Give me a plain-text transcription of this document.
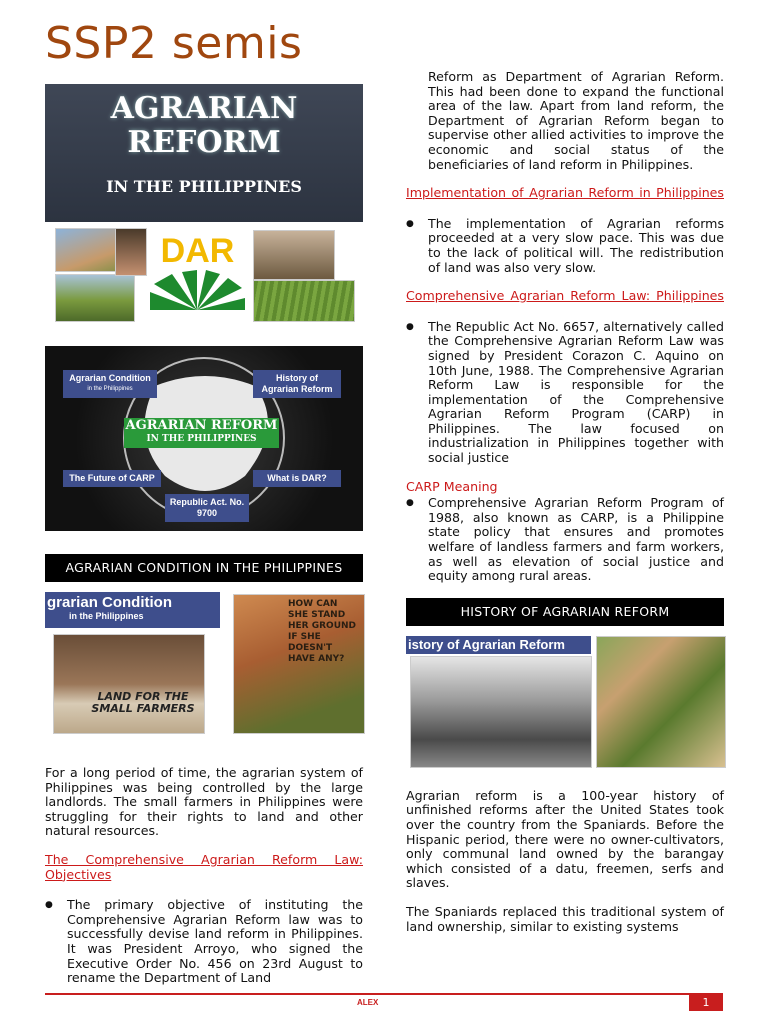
SSP2 semis
AGRARIAN
REFORM
IN THE PHILIPPINES
DAR
Agrarian Condition
in the Philippines
History of Agrarian Reform
AGRARIAN REFORM
IN THE PHILIPPINES
The Future of CARP	What is DAR?
Republic Act. No. 9700
AGRARIAN CONDITION IN THE PHILIPPINES
grarian Condition
in the Philippines
LAND FOR THE SMALL FARMERS
HOW CAN SHE STAND HER GROUND IF SHE DOESN'T HAVE ANY?

For a long period of time, the agrarian system of Philippines was being controlled by the large landlords. The small farmers in Philippines were struggling for their rights to land and other natural resources.

The Comprehensive Agrarian Reform Law: Objectives

● The primary objective of instituting the Comprehensive Agrarian Reform law was to successfully devise land reform in Philippines. It was President Arroyo, who signed the Executive Order No. 456 on 23rd August to rename the Department of Land

Reform as Department of Agrarian Reform. This had been done to expand the functional area of the law. Apart from land reform, the Department of Agrarian Reform began to supervise other allied activities to improve the economic and social status of the beneficiaries of land reform in Philippines.

Implementation of Agrarian Reform in Philippines

● The implementation of Agrarian reforms proceeded at a very slow pace. This was due to the lack of political will. The redistribution of land was also very slow.

Comprehensive Agrarian Reform Law: Philippines

● The Republic Act No. 6657, alternatively called the Comprehensive Agrarian Reform Law was signed by President Corazon C. Aquino on 10th June, 1988. The Comprehensive Agrarian Reform Law is responsible for the implementation of the Comprehensive Agrarian Reform Program (CARP) in Philippines. The law focused on industrialization in Philippines together with social justice

CARP Meaning

● Comprehensive Agrarian Reform Program of 1988, also known as CARP, is a Philippine state policy that ensures and promotes welfare of landless farmers and farm workers, as well as elevation of social justice and equity among rural areas.
HISTORY OF AGRARIAN REFORM
istory of Agrarian Reform

Agrarian reform is a 100-year history of unfinished reforms after the United States took over the country from the Spaniards. Before the Hispanic period, there were no owner-cultivators, only communal land owned by the barangay which consisted of a datu, freemen, serfs and slaves.

The Spaniards replaced this traditional system of land ownership, similar to existing systems

ALEX	1
